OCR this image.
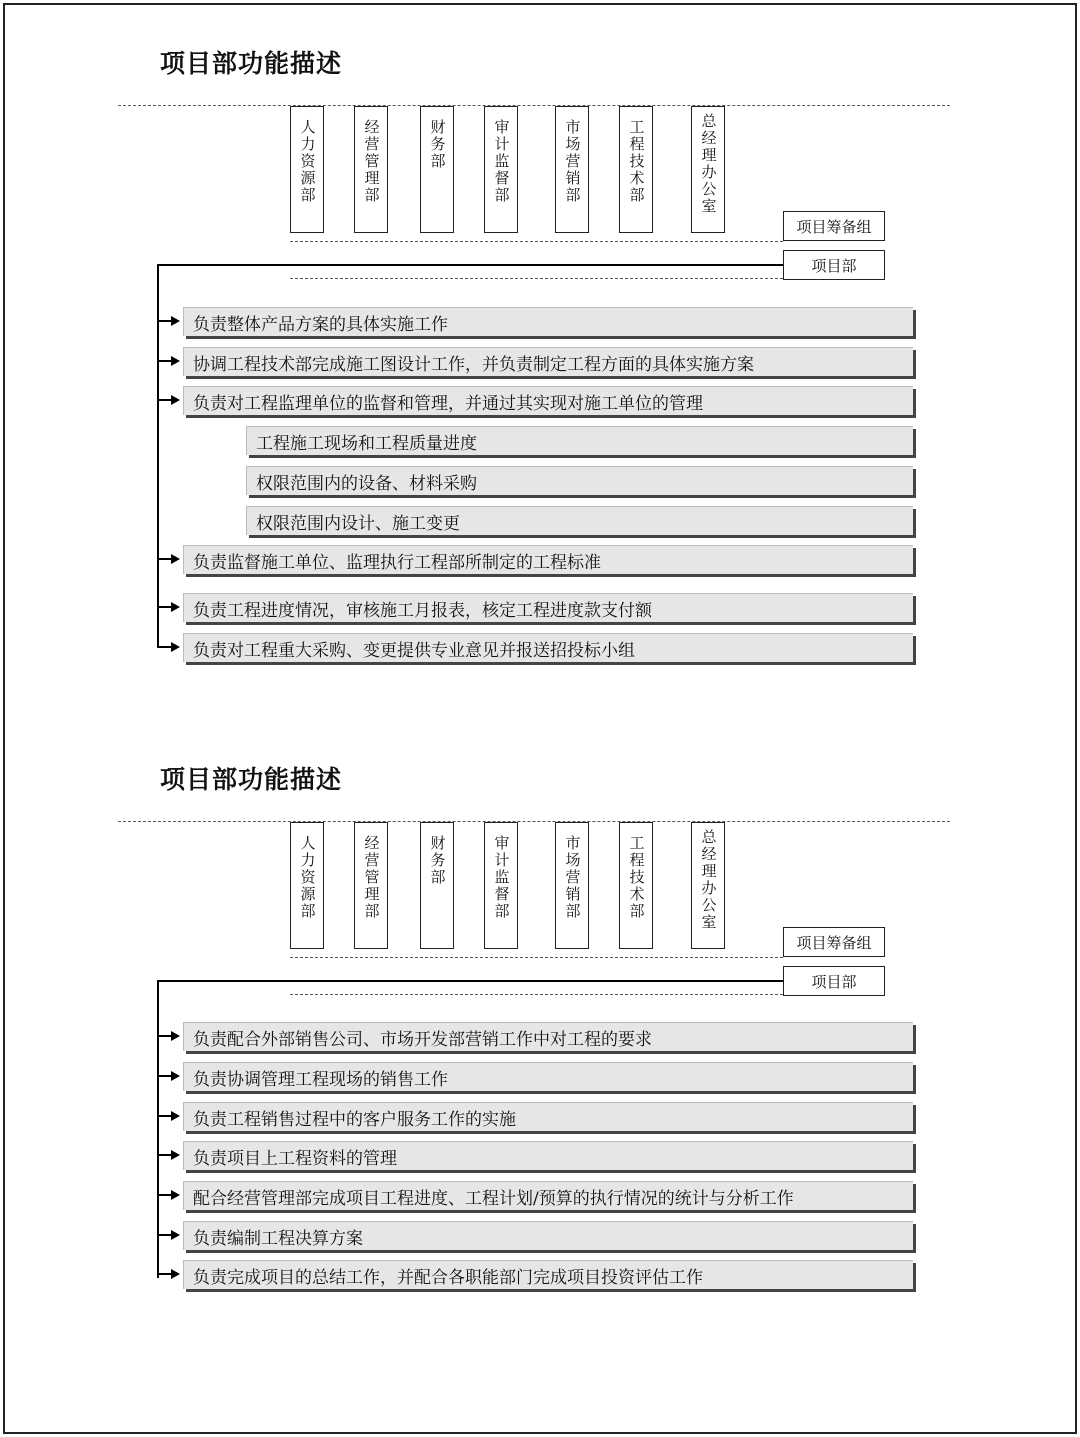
项目部功能描述
人力资源部	经营管理部	财务部	审计监督部	市场营销部	工程技术部	总经理办公室
项目筹备组
项目部
负责整体产品方案的具体实施工作
协调工程技术部完成施工图设计工作，并负责制定工程方面的具体实施方案
负责对工程监理单位的监督和管理，并通过其实现对施工单位的管理
工程施工现场和工程质量进度
权限范围内的设备、材料采购
权限范围内设计、施工变更
负责监督施工单位、监理执行工程部所制定的工程标准
负责工程进度情况，审核施工月报表，核定工程进度款支付额
负责对工程重大采购、变更提供专业意见并报送招投标小组
项目部功能描述
人力资源部	经营管理部	财务部	审计监督部	市场营销部	工程技术部	总经理办公室
项目筹备组
项目部
负责配合外部销售公司、市场开发部营销工作中对工程的要求
负责协调管理工程现场的销售工作
负责工程销售过程中的客户服务工作的实施
负责项目上工程资料的管理
配合经营管理部完成项目工程进度、工程计划/预算的执行情况的统计与分析工作
负责编制工程决算方案
负责完成项目的总结工作，并配合各职能部门完成项目投资评估工作
